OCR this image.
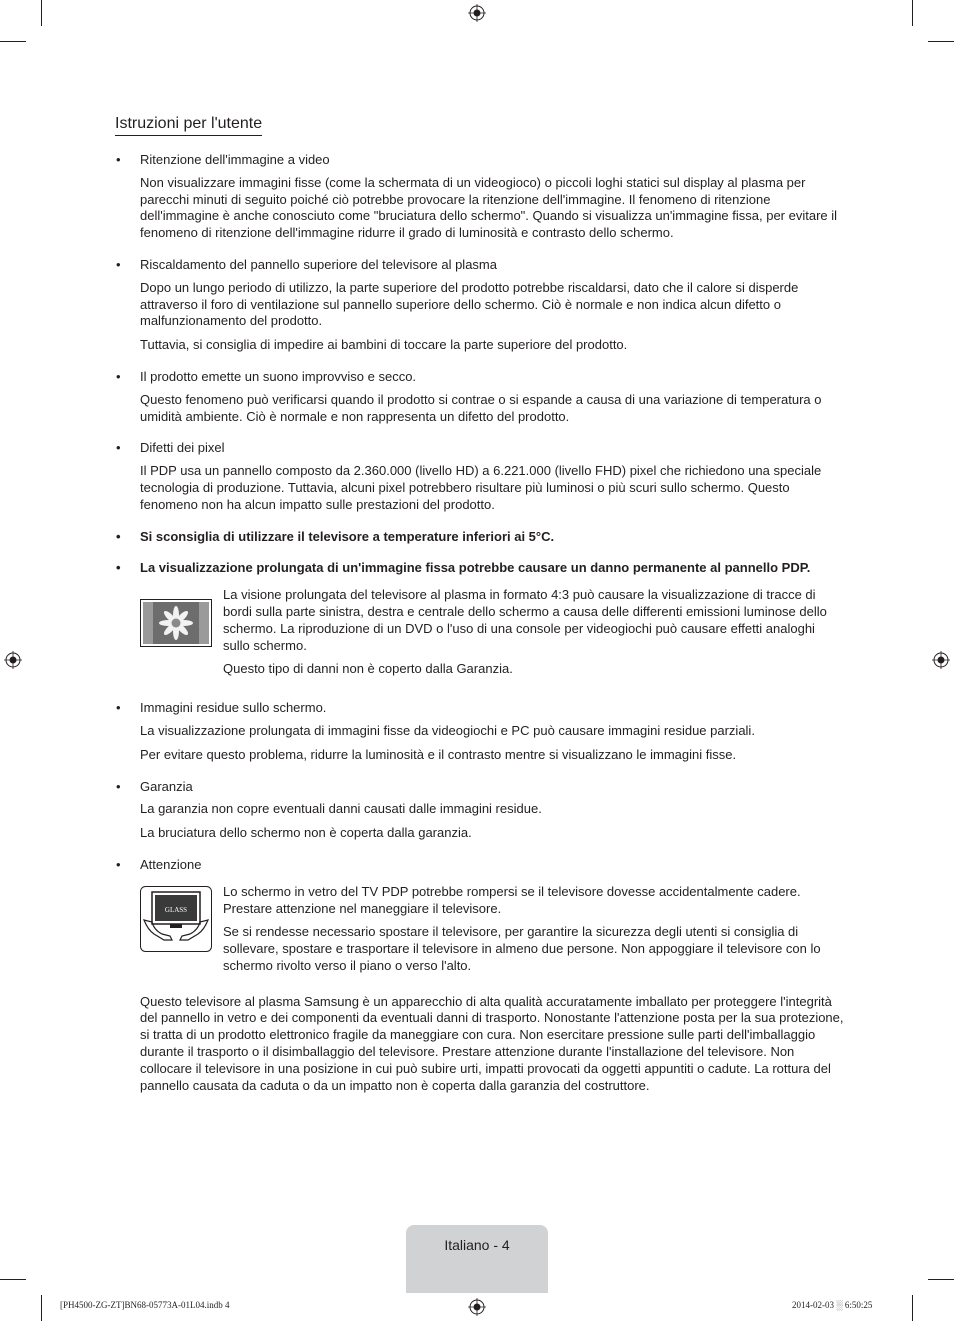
Istruzioni per l'utente
• Ritenzione dell'immagine a video

Non visualizzare immagini fisse (come la schermata di un videogioco) o piccoli loghi statici sul display al plasma per parecchi minuti di seguito poiché ciò potrebbe provocare la ritenzione dell'immagine. Il fenomeno di ritenzione dell'immagine è anche conosciuto come "bruciatura dello schermo". Quando si visualizza un'immagine fissa, per evitare il fenomeno di ritenzione dell'immagine ridurre il grado di luminosità e contrasto dello schermo.

• Riscaldamento del pannello superiore del televisore al plasma

Dopo un lungo periodo di utilizzo, la parte superiore del prodotto potrebbe riscaldarsi, dato che il calore si disperde attraverso il foro di ventilazione sul pannello superiore dello schermo. Ciò è normale e non indica alcun difetto o malfunzionamento del prodotto.

Tuttavia, si consiglia di impedire ai bambini di toccare la parte superiore del prodotto.

• Il prodotto emette un suono improvviso e secco.

Questo fenomeno può verificarsi quando il prodotto si contrae o si espande a causa di una variazione di temperatura o umidità ambiente. Ciò è normale e non rappresenta un difetto del prodotto.

• Difetti dei pixel

Il PDP usa un pannello composto da 2.360.000 (livello HD) a 6.221.000 (livello FHD) pixel che richiedono una speciale tecnologia di produzione. Tuttavia, alcuni pixel potrebbero risultare più luminosi o più scuri sullo schermo. Questo fenomeno non ha alcun impatto sulle prestazioni del prodotto.

• Si sconsiglia di utilizzare il televisore a temperature inferiori ai 5°C.
• La visualizzazione prolungata di un'immagine fissa potrebbe causare un danno permanente al pannello PDP.

La visione prolungata del televisore al plasma in formato 4:3 può causare la visualizzazione di tracce di bordi sulla parte sinistra, destra e centrale dello schermo a causa delle differenti emissioni luminose dello schermo. La riproduzione di un DVD o l'uso di una console per videogiochi può causare effetti analoghi sullo schermo.

Questo tipo di danni non è coperto dalla Garanzia.

• Immagini residue sullo schermo.

La visualizzazione prolungata di immagini fisse da videogiochi e PC può causare immagini residue parziali.

Per evitare questo problema, ridurre la luminosità e il contrasto mentre si visualizzano le immagini fisse.

• Garanzia

La garanzia non copre eventuali danni causati dalle immagini residue.

La bruciatura dello schermo non è coperta dalla garanzia.

• Attenzione
GLASS

Lo schermo in vetro del TV PDP potrebbe rompersi se il televisore dovesse accidentalmente cadere. Prestare attenzione nel maneggiare il televisore.

Se si rendesse necessario spostare il televisore, per garantire la sicurezza degli utenti si consiglia di sollevare, spostare e trasportare il televisore in almeno due persone. Non appoggiare il televisore con lo schermo rivolto verso il piano o verso l'alto.

Questo televisore al plasma Samsung è un apparecchio di alta qualità accuratamente imballato per proteggere l'integrità del pannello in vetro e dei componenti da eventuali danni di trasporto. Nonostante l'attenzione posta per la sua protezione, si tratta di un prodotto elettronico fragile da maneggiare con cura. Non esercitare pressione sulle parti dell'imballaggio durante il trasporto o il disimballaggio del televisore. Prestare attenzione durante l'installazione del televisore. Non collocare il televisore in una posizione in cui può subire urti, impatti provocati da oggetti appuntiti o cadute. La rottura del pannello causata da caduta o da un impatto non è coperta dalla garanzia del costruttore.

Italiano - 4
[PH4500-ZG-ZT]BN68-05773A-01L04.indb 4	2014-02-03 ░ 6:50:25
